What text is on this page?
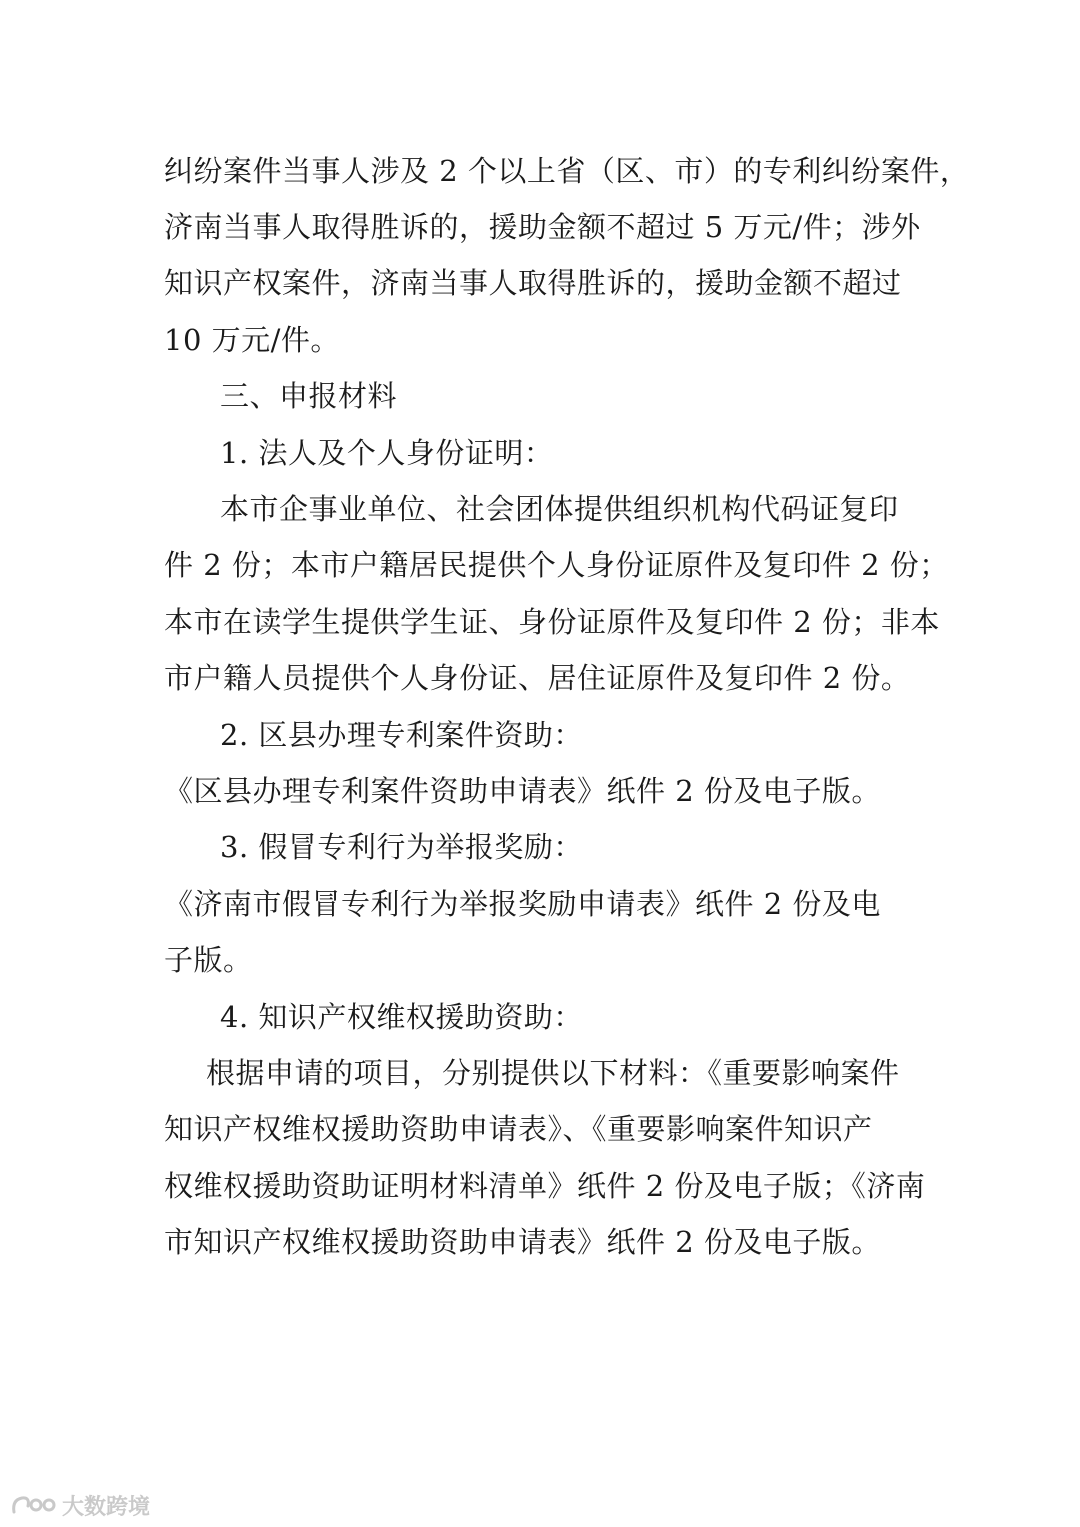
纠纷案件当事人涉及 2 个以上省（区、市）的专利纠纷案件，
济南当事人取得胜诉的，援助金额不超过 5 万元/件；涉外
知识产权案件，济南当事人取得胜诉的，援助金额不超过
10 万元/件。
三、申报材料
1. 法人及个人身份证明：
本市企事业单位、社会团体提供组织机构代码证复印
件 2 份；本市户籍居民提供个人身份证原件及复印件 2 份；
本市在读学生提供学生证、身份证原件及复印件 2 份；非本
市户籍人员提供个人身份证、居住证原件及复印件 2 份。
2. 区县办理专利案件资助：
《区县办理专利案件资助申请表》纸件 2 份及电子版。
3. 假冒专利行为举报奖励：
《济南市假冒专利行为举报奖励申请表》纸件 2 份及电
子版。
4. 知识产权维权援助资助：
根据申请的项目，分别提供以下材料：《重要影响案件
知识产权维权援助资助申请表》、《重要影响案件知识产
权维权援助资助证明材料清单》纸件 2 份及电子版；《济南
市知识产权维权援助资助申请表》纸件 2 份及电子版。
大数跨境
